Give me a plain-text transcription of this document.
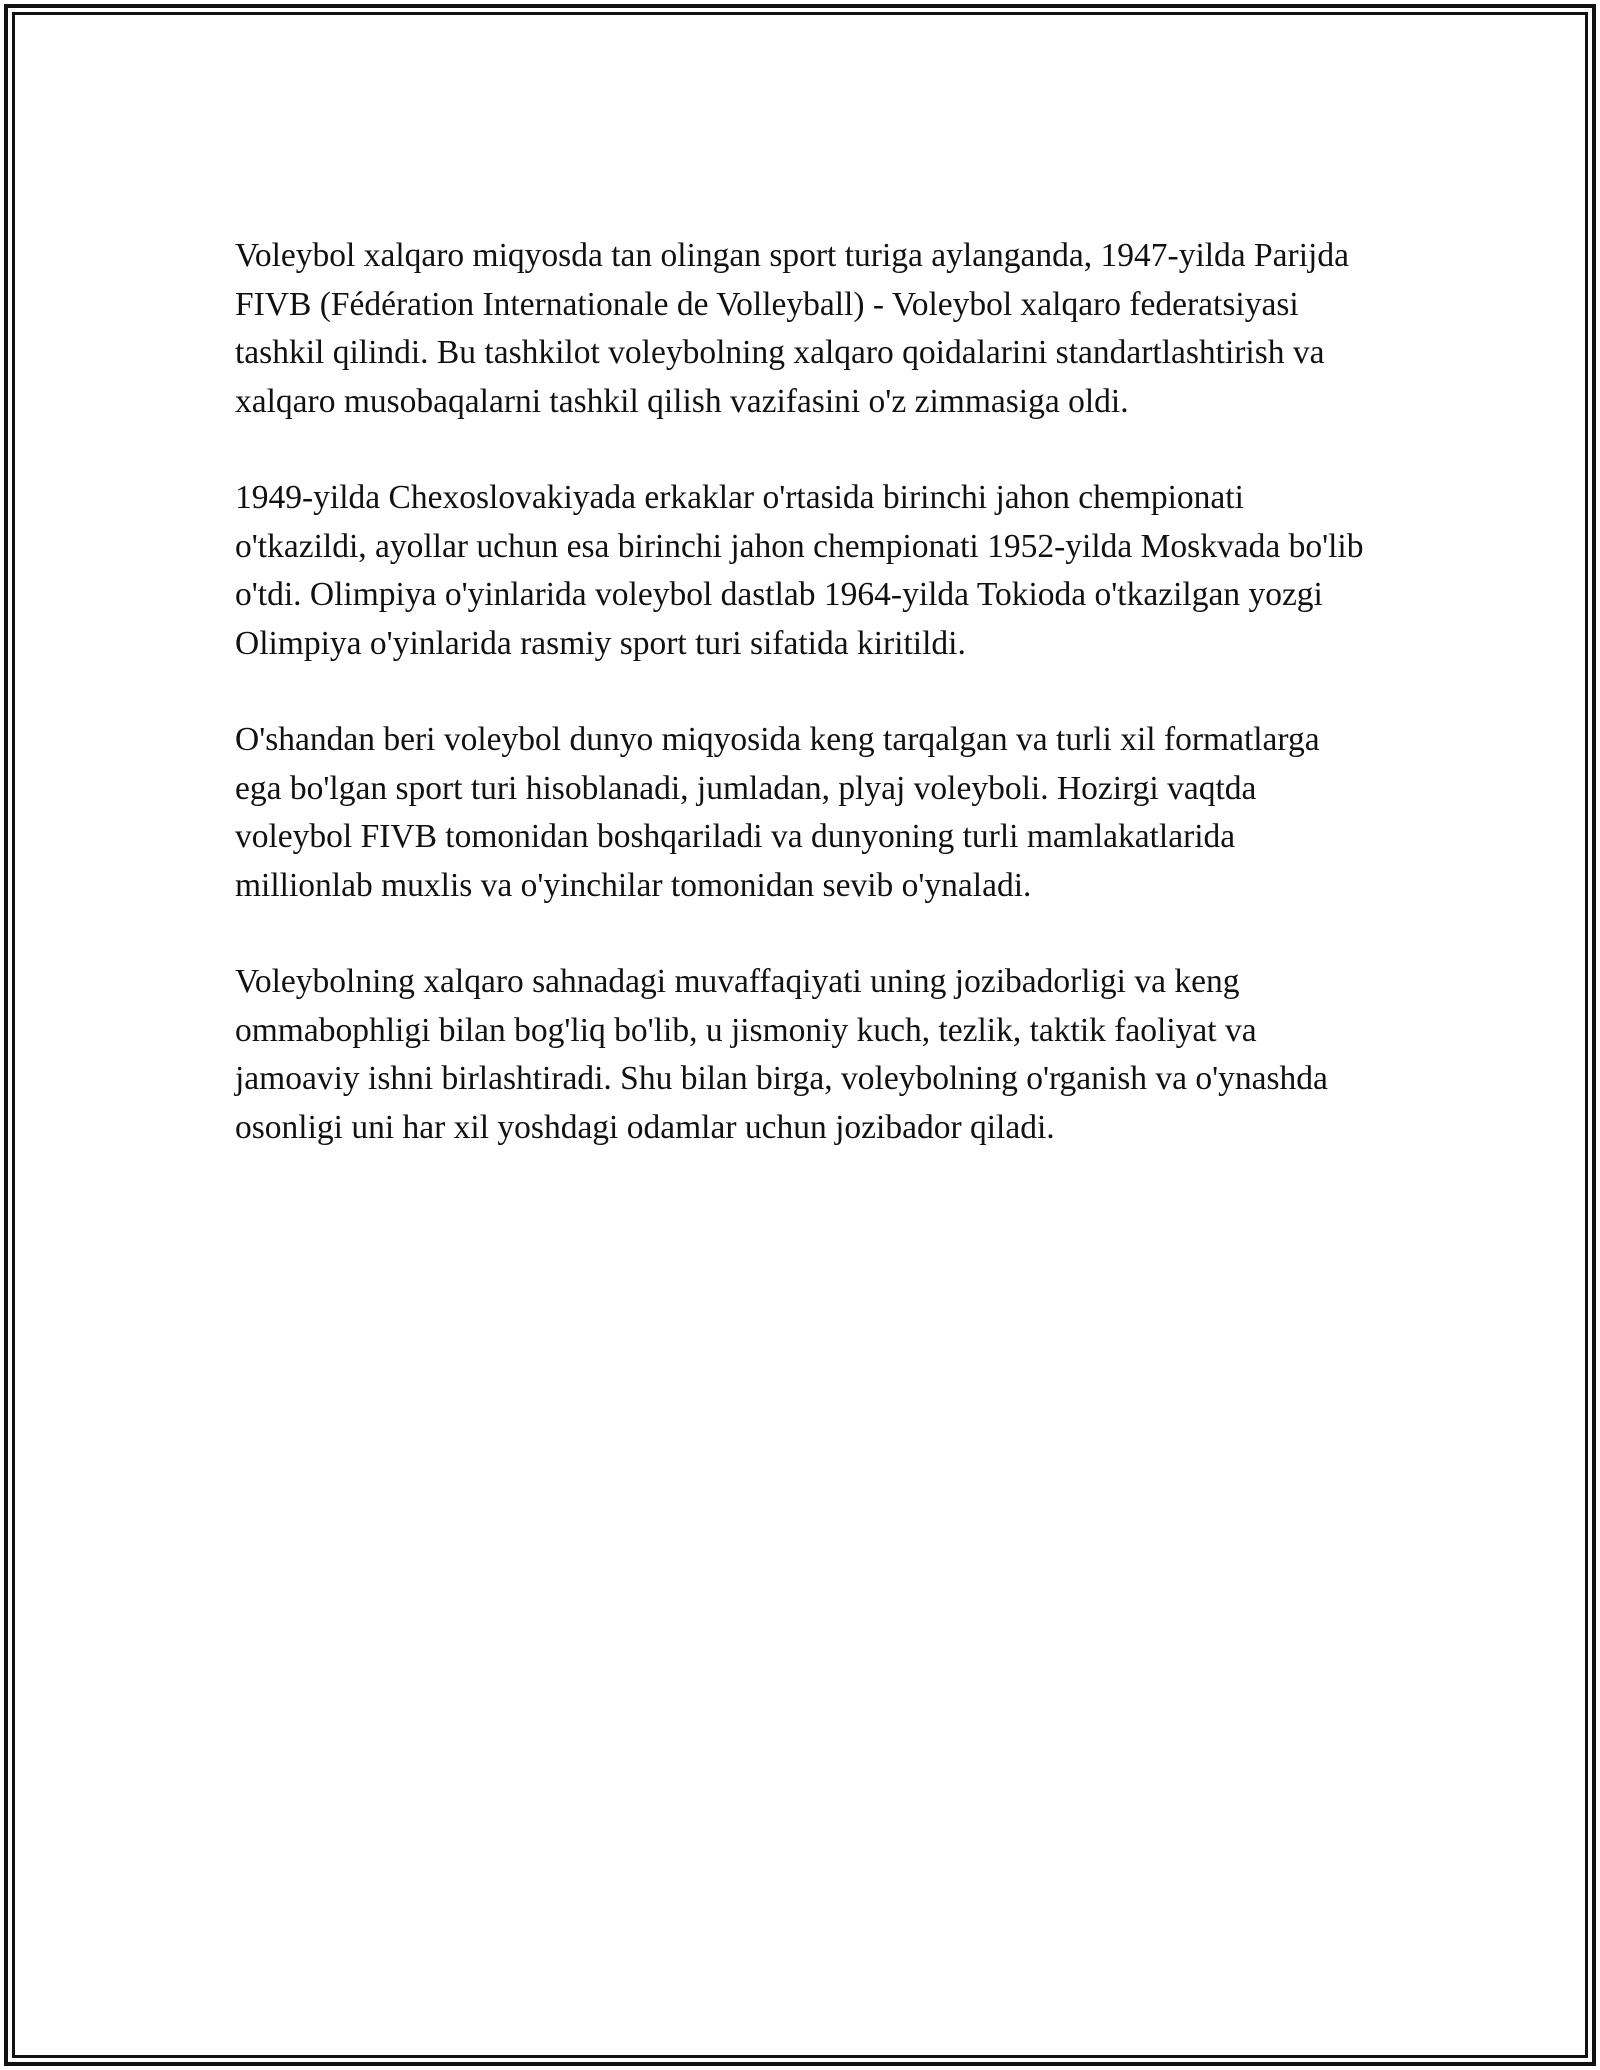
Voleybol xalqaro miqyosda tan olingan sport turiga aylanganda, 1947-yilda Parijda FIVB (Fédération Internationale de Volleyball) - Voleybol xalqaro federatsiyasi tashkil qilindi. Bu tashkilot voleybolning xalqaro qoidalarini standartlashtirish va xalqaro musobaqalarni tashkil qilish vazifasini o'z zimmasiga oldi.

1949-yilda Chexoslovakiyada erkaklar o'rtasida birinchi jahon chempionati o'tkazildi, ayollar uchun esa birinchi jahon chempionati 1952-yilda Moskvada bo'lib o'tdi. Olimpiya o'yinlarida voleybol dastlab 1964-yilda Tokioda o'tkazilgan yozgi Olimpiya o'yinlarida rasmiy sport turi sifatida kiritildi.

O'shandan beri voleybol dunyo miqyosida keng tarqalgan va turli xil formatlarga ega bo'lgan sport turi hisoblanadi, jumladan, plyaj voleyboli. Hozirgi vaqtda voleybol FIVB tomonidan boshqariladi va dunyoning turli mamlakatlarida millionlab muxlis va o'yinchilar tomonidan sevib o'ynaladi.

Voleybolning xalqaro sahnadagi muvaffaqiyati uning jozibadorligi va keng ommabophligi bilan bog'liq bo'lib, u jismoniy kuch, tezlik, taktik faoliyat va jamoaviy ishni birlashtiradi. Shu bilan birga, voleybolning o'rganish va o'ynashda osonligi uni har xil yoshdagi odamlar uchun jozibador qiladi.
